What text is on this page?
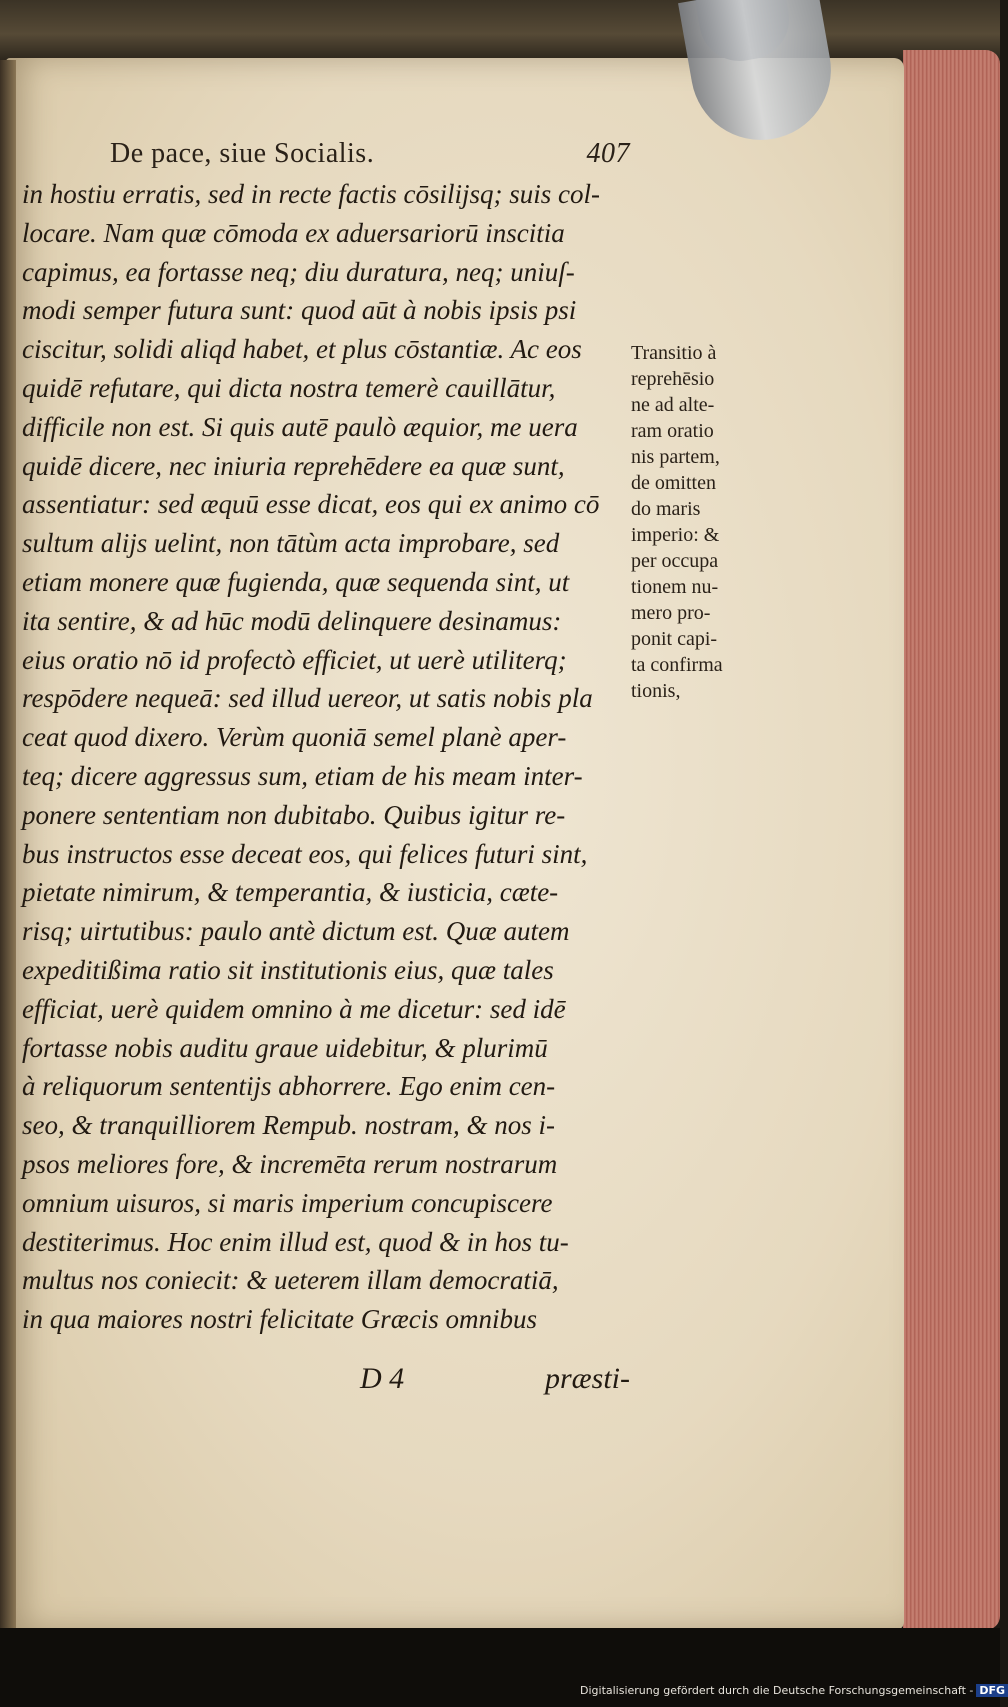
De pace, siue Socialis.	407
in hostiu erratis, sed in recte factis cōsilijsq; suis col-
locare. Nam quæ cōmoda ex aduersariorū inscitia
capimus, ea fortasse neq; diu duratura, neq; uniuſ-
modi semper futura sunt: quod aūt à nobis ipsis psi
ciscitur, solidi aliqd habet, et plus cōstantiæ. Ac eos
quidē refutare, qui dicta nostra temerè cauillātur,
difficile non est. Si quis autē paulò æquior, me uera
quidē dicere, nec iniuria reprehēdere ea quæ sunt,
assentiatur: sed æquū esse dicat, eos qui ex animo cō
sultum alijs uelint, non tātùm acta improbare, sed
etiam monere quæ fugienda, quæ sequenda sint, ut
ita sentire, & ad hūc modū delinquere desinamus:
eius oratio nō id profectò efficiet, ut uerè utiliterq;
respōdere nequeā: sed illud uereor, ut satis nobis pla
ceat quod dixero. Verùm quoniā semel planè aper-
teq; dicere aggressus sum, etiam de his meam inter-
ponere sententiam non dubitabo. Quibus igitur re-
bus instructos esse deceat eos, qui felices futuri sint,
pietate nimirum, & temperantia, & iusticia, cæte-
risq; uirtutibus: paulo antè dictum est. Quæ autem
expeditißima ratio sit institutionis eius, quæ tales
efficiat, uerè quidem omnino à me dicetur: sed idē
fortasse nobis auditu graue uidebitur, & plurimū
à reliquorum sententijs abhorrere. Ego enim cen-
seo, & tranquilliorem Rempub. nostram, & nos i-
psos meliores fore, & incremēta rerum nostrarum
omnium uisuros, si maris imperium concupiscere
destiterimus. Hoc enim illud est, quod & in hos tu-
multus nos coniecit: & ueterem illam democratiā,
in qua maiores nostri felicitate Græcis omnibus
Transitio à
reprehēsio
ne ad alte-
ram oratio
nis partem,
de omitten
do maris
imperio: &
per occupa
tionem nu-
mero pro-
ponit capi-
ta confirma
tionis,
D 4	præsti-
Digitalisierung gefördert durch die Deutsche Forschungsgemeinschaft - DFG
